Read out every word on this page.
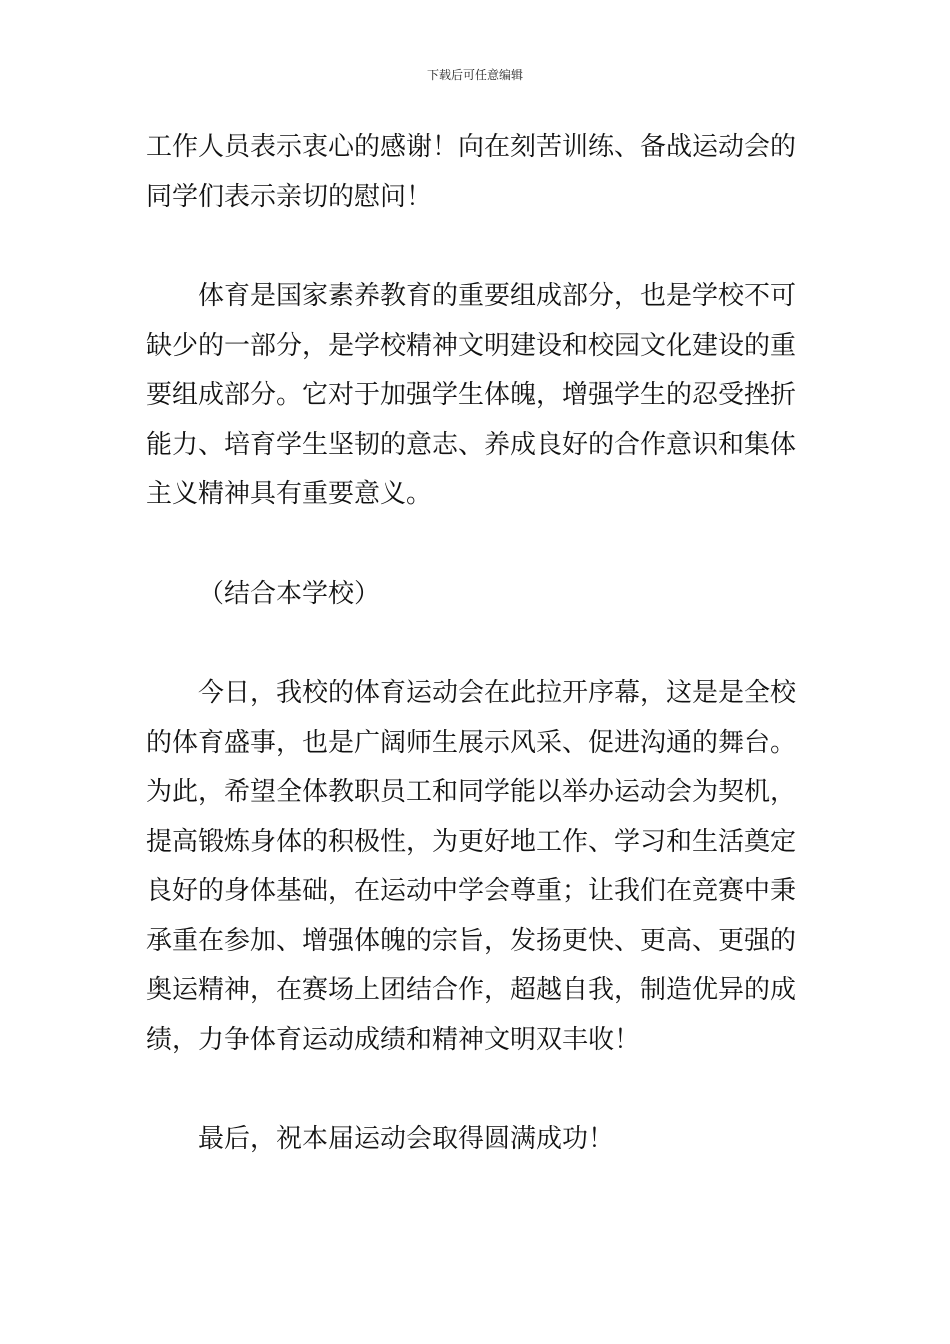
下载后可任意编辑
工作人员表示衷心的感谢！向在刻苦训练、备战运动会的
同学们表示亲切的慰问！
体育是国家素养教育的重要组成部分，也是学校不可
缺少的一部分，是学校精神文明建设和校园文化建设的重
要组成部分。它对于加强学生体魄，增强学生的忍受挫折
能力、培育学生坚韧的意志、养成良好的合作意识和集体
主义精神具有重要意义。
（结合本学校）
今日，我校的体育运动会在此拉开序幕，这是是全校
的体育盛事，也是广阔师生展示风采、促进沟通的舞台。
为此，希望全体教职员工和同学能以举办运动会为契机，
提高锻炼身体的积极性，为更好地工作、学习和生活奠定
良好的身体基础，在运动中学会尊重；让我们在竞赛中秉
承重在参加、增强体魄的宗旨，发扬更快、更高、更强的
奥运精神，在赛场上团结合作，超越自我，制造优异的成
绩，力争体育运动成绩和精神文明双丰收！
最后，祝本届运动会取得圆满成功！
